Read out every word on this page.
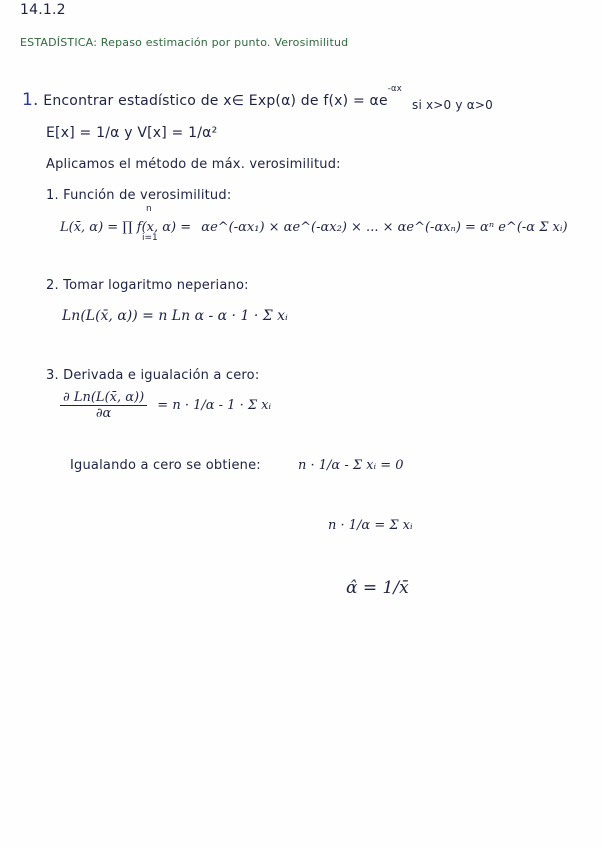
14.1.2
ESTADÍSTICA: Repaso estimación por punto. Verosimilitud
1. Encontrar estadístico de x∈ Exp(α) de $f(x) = \alpha e^{-\alpha x}$
si x>0 y α>0
E[x] = 1/α y V[x] = 1/α²
Aplicamos el método de máx. verosimilitud:
1. Función de verosimilitud:
L(x̄, α) = ∏ f(x, α) = αe^(-αx₁) × αe^(-αx₂) × ... × αe^(-αxₙ) = αⁿ e^(-α Σ xᵢ)
n
i=1
2. Tomar logaritmo neperiano:
Ln(L(x̄, α)) = n Ln α - α · 1 · Σ xᵢ
3. Derivada e igualación a cero:
$\frac{\partial Ln(L(x̄, \alpha))}{\partial\alpha} = n \cdot 1/\alpha - 1 \cdot \Sigma$ xᵢ
Igualando a cero se obtiene:	n · 1/α - Σ xᵢ = 0
n · 1/α = Σ xᵢ
α̂ = 1/x̄
